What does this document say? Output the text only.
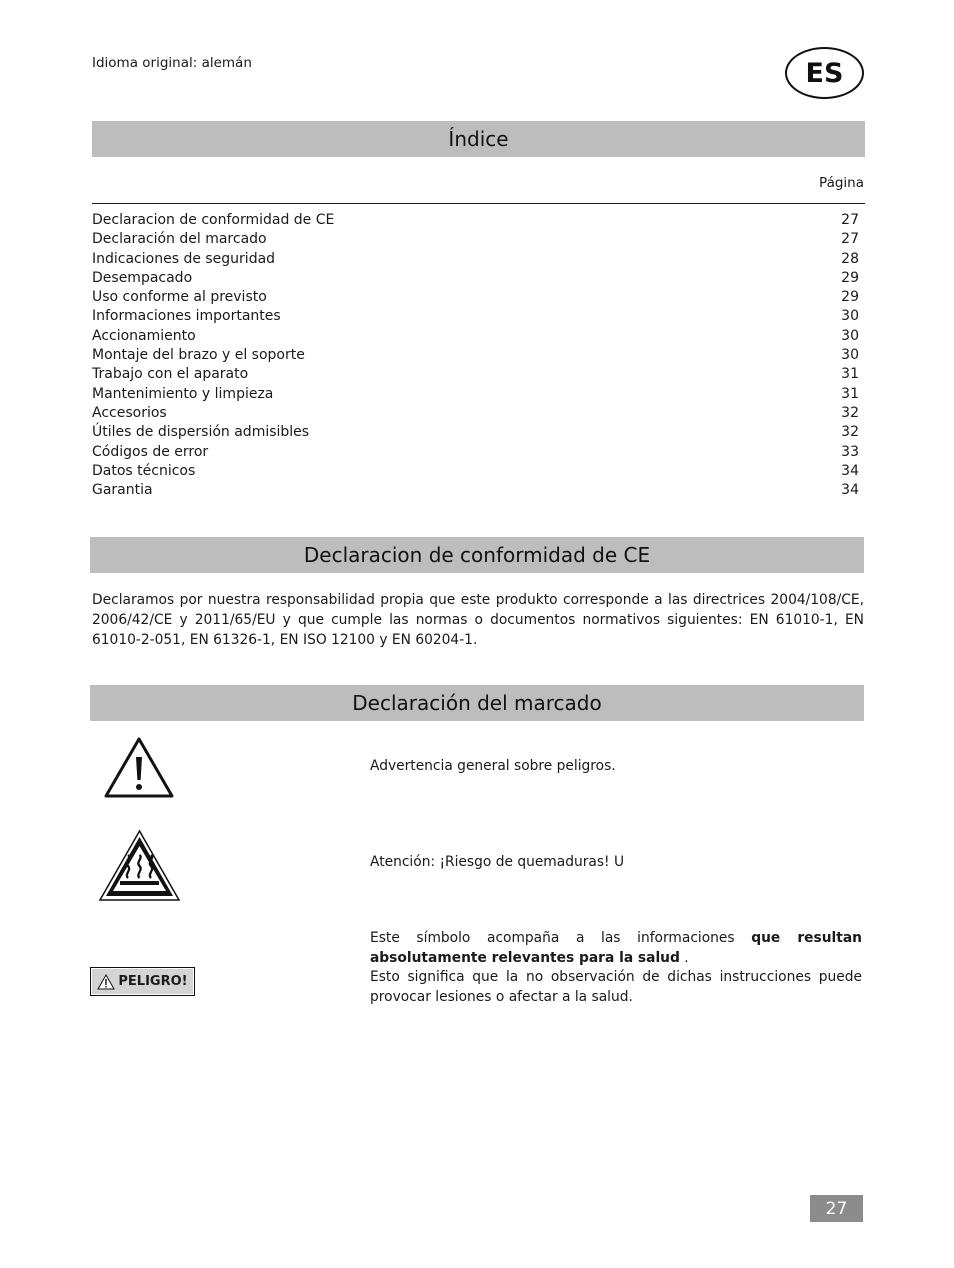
Idioma original: alemán	ES
Índice
Página
Declaracion de conformidad de CE	27
Declaración del marcado	27
Indicaciones de seguridad	28
Desempacado	29
Uso conforme al previsto	29
Informaciones importantes	30
Accionamiento	30
Montaje del brazo y el soporte	30
Trabajo con el aparato	31
Mantenimiento y limpieza	31
Accesorios	32
Útiles de dispersión admisibles	32
Códigos de error	33
Datos técnicos	34
Garantia	34
Declaracion de conformidad de CE

Declaramos por nuestra responsabilidad propia que este produkto corresponde a las directrices 2004/108/CE, 2006/42/CE y 2011/65/EU y que cumple las normas o documentos normativos siguientes: EN 61010-1, EN 61010-2-051, EN 61326-1, EN ISO 12100 y EN 60204-1.

Declaración del marcado
Advertencia general sobre peligros.
Atención: ¡Riesgo de quemaduras! U
PELIGRO!
Este símbolo acompaña a las informaciones que resultan absolutamente relevantes para la salud .
Esto significa que la no observación de dichas instrucciones puede provocar lesiones o afectar a la salud.
27
